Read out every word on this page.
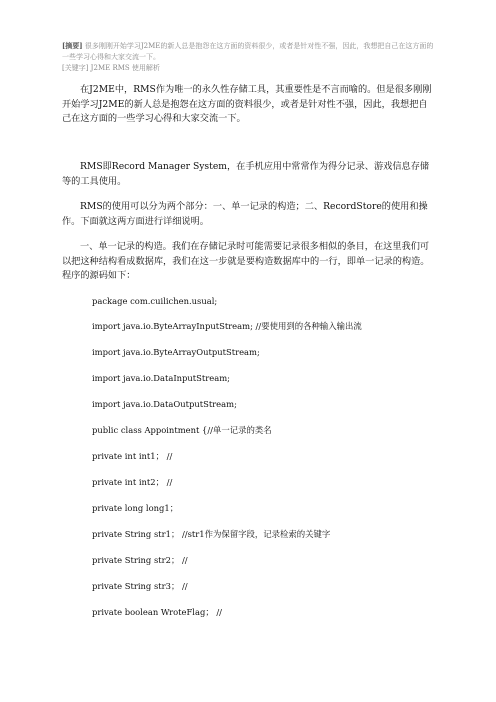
[摘要] 很多刚刚开始学习J2ME的新人总是抱怨在这方面的资料很少，或者是针对性不强，因此，我想把自己在这方面的一些学习心得和大家交流一下。
[关键字] J2ME RMS 使用解析

在J2ME中，RMS作为唯一的永久性存储工具，其重要性是不言而喻的。但是很多刚刚开始学习J2ME的新人总是抱怨在这方面的资料很少，或者是针对性不强，因此，我想把自己在这方面的一些学习心得和大家交流一下。

RMS即Record Manager System，在手机应用中常常作为得分记录、游戏信息存储等的工具使用。

RMS的使用可以分为两个部分：一、单一记录的构造；二、RecordStore的使用和操作。下面就这两方面进行详细说明。

一、单一记录的构造。我们在存储记录时可能需要记录很多相似的条目，在这里我们可以把这种结构看成数据库，我们在这一步就是要构造数据库中的一行，即单一记录的构造。程序的源码如下：

package com.cuilichen.usual;
import java.io.ByteArrayInputStream; //要使用到的各种输入输出流
import java.io.ByteArrayOutputStream;
import java.io.DataInputStream;
import java.io.DataOutputStream;
public class Appointment {//单一记录的类名
private int int1； //
private int int2； //
private long long1；
private String str1； //str1作为保留字段，记录检索的关键字
private String str2； //
private String str3； //
private boolean WroteFlag； //
